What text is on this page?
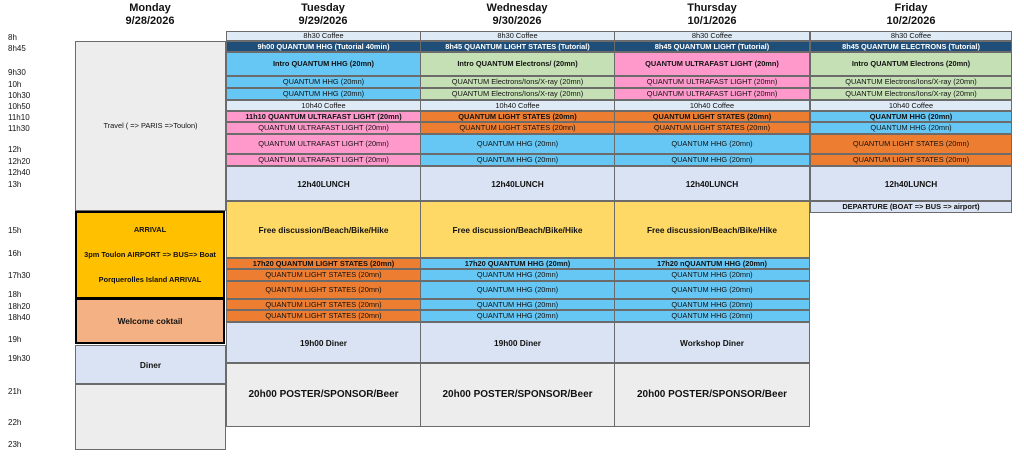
Monday
9/28/2026
Tuesday
9/29/2026
Wednesday
9/30/2026
Thursday
10/1/2026
Friday
10/2/2026
8h
8h45
9h30
10h
10h30
10h50
11h10
11h30
12h
12h20
12h40
13h
15h
16h
17h30
18h
18h20
18h40
19h
19h30
21h
22h
23h
Travel ( => PARIS =>Toulon)
ARRIVAL
3pm Toulon AIRPORT => BUS=> Boat
Porquerolles Island ARRIVAL
Welcome coktail
Diner
8h30 Coffee
9h00 QUANTUM HHG (Tutorial 40min)
Intro QUANTUM HHG (20mn)
QUANTUM HHG (20mn)
QUANTUM HHG (20mn)
10h40 Coffee
11h10 QUANTUM ULTRAFAST LIGHT (20mn)
QUANTUM ULTRAFAST LIGHT (20mn)
QUANTUM ULTRAFAST LIGHT (20mn)
QUANTUM ULTRAFAST LIGHT (20mn)
12h40LUNCH
Free discussion/Beach/Bike/Hike
17h20 QUANTUM LIGHT STATES (20mn)
QUANTUM LIGHT STATES (20mn)
QUANTUM LIGHT STATES (20mn)
QUANTUM LIGHT STATES (20mn)
QUANTUM LIGHT STATES (20mn)
19h00 Diner
20h00 POSTER/SPONSOR/Beer
8h30 Coffee
8h45 QUANTUM LIGHT STATES (Tutorial)
Intro QUANTUM Electrons/ (20mn)
QUANTUM Electrons/Ions/X-ray (20mn)
QUANTUM Electrons/Ions/X-ray (20mn)
10h40 Coffee
QUANTUM LIGHT STATES (20mn)
QUANTUM LIGHT STATES (20mn)
QUANTUM HHG (20mn)
QUANTUM HHG (20mn)
12h40LUNCH
Free discussion/Beach/Bike/Hike
17h20 QUANTUM HHG (20mn)
QUANTUM HHG (20mn)
QUANTUM HHG (20mn)
QUANTUM HHG (20mn)
QUANTUM HHG (20mn)
19h00 Diner
20h00 POSTER/SPONSOR/Beer
8h30 Coffee
8h45 QUANTUM LIGHT (Tutorial)
QUANTUM ULTRAFAST LIGHT (20mn)
QUANTUM ULTRAFAST LIGHT (20mn)
QUANTUM ULTRAFAST LIGHT (20mn)
10h40 Coffee
QUANTUM LIGHT STATES (20mn)
QUANTUM LIGHT STATES (20mn)
QUANTUM HHG (20mn)
QUANTUM HHG (20mn)
12h40LUNCH
Free discussion/Beach/Bike/Hike
17h20 nQUANTUM HHG (20mn)
QUANTUM HHG (20mn)
QUANTUM HHG (20mn)
QUANTUM HHG (20mn)
QUANTUM HHG (20mn)
Workshop Diner
20h00 POSTER/SPONSOR/Beer
8h30 Coffee
8h45 QUANTUM ELECTRONS (Tutorial)
Intro QUANTUM Electrons (20mn)
QUANTUM Electrons/Ions/X-ray (20mn)
QUANTUM Electrons/Ions/X-ray (20mn)
10h40 Coffee
QUANTUM HHG (20mn)
QUANTUM HHG (20mn)
QUANTUM LIGHT STATES (20mn)
QUANTUM LIGHT STATES (20mn)
12h40LUNCH
DEPARTURE (BOAT => BUS => airport)
